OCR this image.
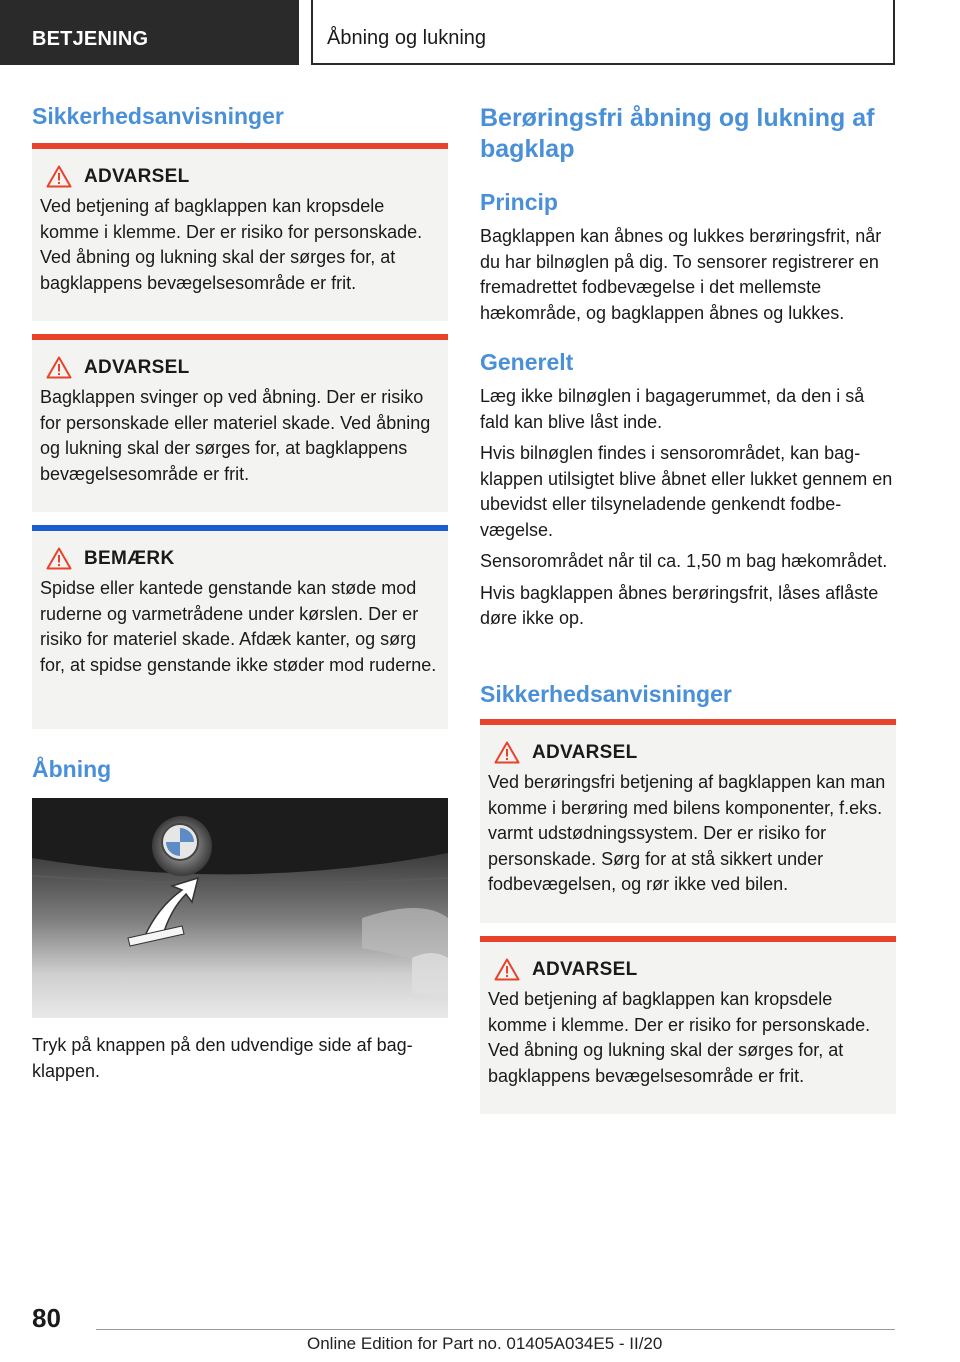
BETJENING	Åbning og lukning
Sikkerhedsanvisninger
ADVARSEL

Ved betjening af bagklappen kan kropsdele komme i klemme. Der er risiko for personskade. Ved åbning og lukning skal der sørges for, at bagklappens bevægelsesområde er frit.

ADVARSEL

Bagklappen svinger op ved åbning. Der er risiko for personskade eller materiel skade. Ved åbning og lukning skal der sørges for, at bagklappens bevægelsesområde er frit.

BEMÆRK

Spidse eller kantede genstande kan støde mod ruderne og varmetrådene under kørslen. Der er risiko for materiel skade. Afdæk kanter, og sørg for, at spidse genstande ikke støder mod ruderne.

Åbning

Tryk på knappen på den udvendige side af bagklappen.

Berøringsfri åbning og lukning af bagklap
Princip

Bagklappen kan åbnes og lukkes berøringsfrit, når du har bilnøglen på dig. To sensorer registrerer en fremadrettet fodbevægelse i det mellemste hækområde, og bagklappen åbnes og lukkes.

Generelt

Læg ikke bilnøglen i bagagerummet, da den i så fald kan blive låst inde.

Hvis bilnøglen findes i sensorområdet, kan bagklappen utilsigtet blive åbnet eller lukket gennem en ubevidst eller tilsyneladende genkendt fodbevægelse.

Sensorområdet når til ca. 1,50 m bag hækområdet.

Hvis bagklappen åbnes berøringsfrit, låses aflåste døre ikke op.

Sikkerhedsanvisninger
ADVARSEL

Ved berøringsfri betjening af bagklappen kan man komme i berøring med bilens komponenter, f.eks. varmt udstødningssystem. Der er risiko for personskade. Sørg for at stå sikkert under fodbevægelsen, og rør ikke ved bilen.

ADVARSEL

Ved betjening af bagklappen kan kropsdele komme i klemme. Der er risiko for personskade. Ved åbning og lukning skal der sørges for, at bagklappens bevægelsesområde er frit.

80
Online Edition for Part no. 01405A034E5 - II/20
